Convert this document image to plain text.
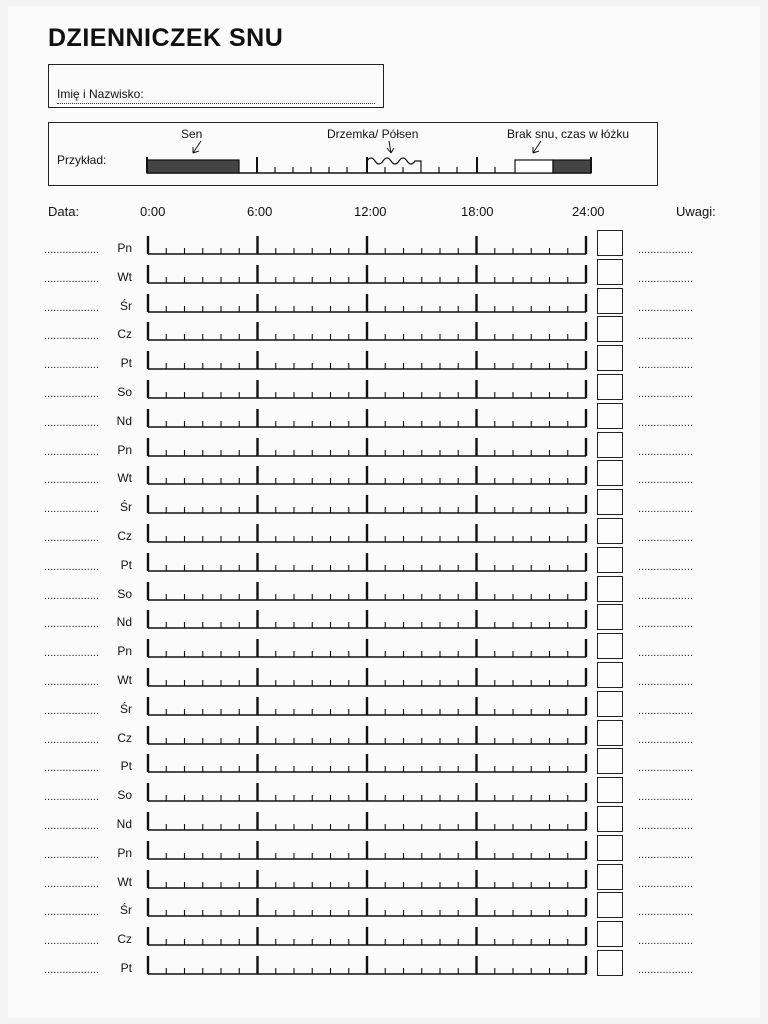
DZIENNICZEK SNU
Imię i Nazwisko:
Przykład:
Sen	Drzemka/ Półsen	Brak snu, czas w łóżku
Data:	0:00	6:00	12:00	18:00	24:00	Uwagi:
..................	Pn	..................
..................	Wt	..................
..................	Śr	..................
..................	Cz	..................
..................	Pt	..................
..................	So	..................
..................	Nd	..................
..................	Pn	..................
..................	Wt	..................
..................	Śr	..................
..................	Cz	..................
..................	Pt	..................
..................	So	..................
..................	Nd	..................
..................	Pn	..................
..................	Wt	..................
..................	Śr	..................
..................	Cz	..................
..................	Pt	..................
..................	So	..................
..................	Nd	..................
..................	Pn	..................
..................	Wt	..................
..................	Śr	..................
..................	Cz	..................
..................	Pt	..................
